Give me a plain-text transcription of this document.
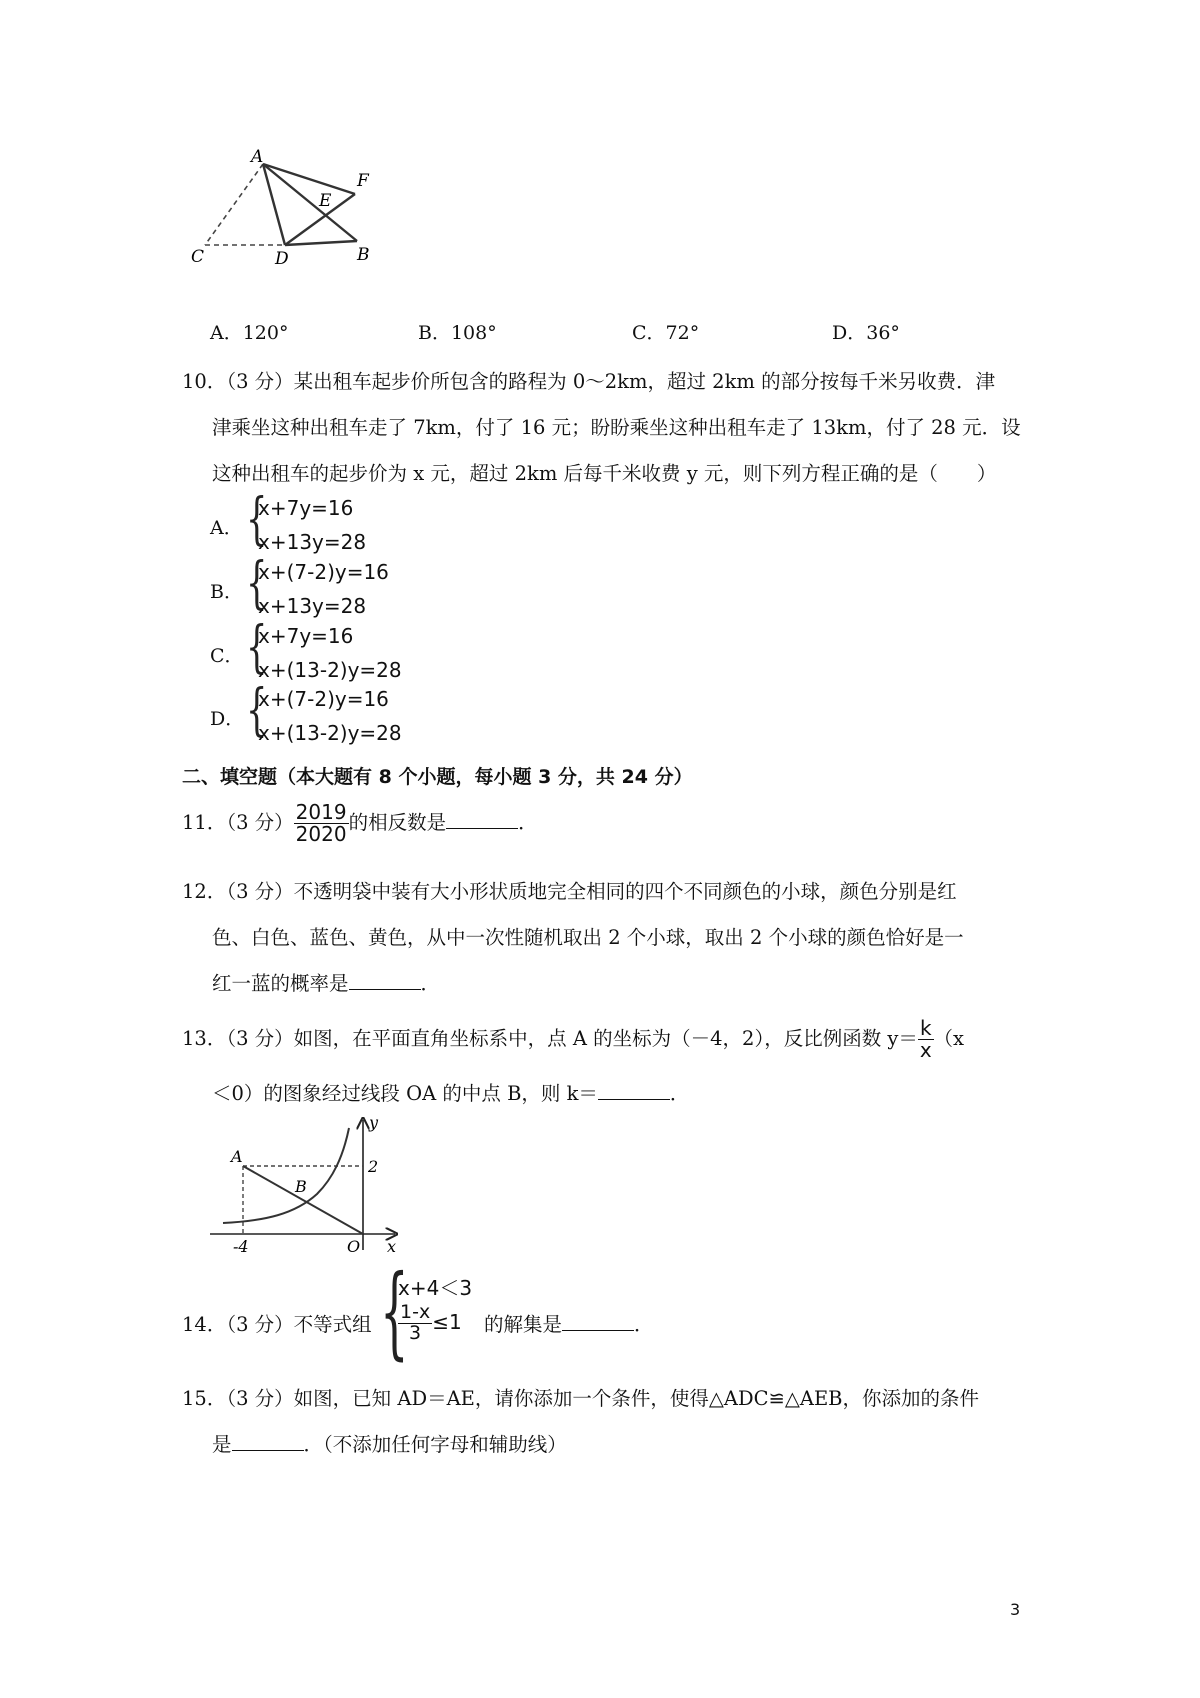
A
F
E
C	D	B
A．120°	B．108°	C．72°	D．36°
10．（3 分）某出租车起步价所包含的路程为 0～2km，超过 2km 的部分按每千米另收费．津
津乘坐这种出租车走了 7km，付了 16 元；盼盼乘坐这种出租车走了 13km，付了 28 元．设
这种出租车的起步价为 x 元，超过 2km 后每千米收费 y 元，则下列方程正确的是（　　）
A． {
x+7y=16
x+13y=28
B． {
x+(7-2)y=16
x+13y=28
C． {
x+7y=16
x+(13-2)y=28
D． {
x+(7-2)y=16
x+(13-2)y=28
二、填空题（本大题有 8 个小题，每小题 3 分，共 24 分）
11．（3 分） $\frac{2019}{2020}$ 的相反数是	．
12．（3 分）不透明袋中装有大小形状质地完全相同的四个不同颜色的小球，颜色分别是红
色、白色、蓝色、黄色，从中一次性随机取出 2 个小球，取出 2 个小球的颜色恰好是一
红一蓝的概率是	．
13．（3 分）如图，在平面直角坐标系中，点 A 的坐标为（－4，2），反比例函数 $y= \frac{k}{x} (x$
＜0）的图象经过线段 OA 的中点 B，则 k＝	．
A
B
y
2
-4	O x
14．（3 分）不等式组 {
x+4＜3
$\frac{1-x}{3} \le 1$ 的解集是	．
15．（3 分）如图，已知 AD＝AE，请你添加一个条件，使得△ADC≌△AEB，你添加的条件
是	．（不添加任何字母和辅助线）
3
